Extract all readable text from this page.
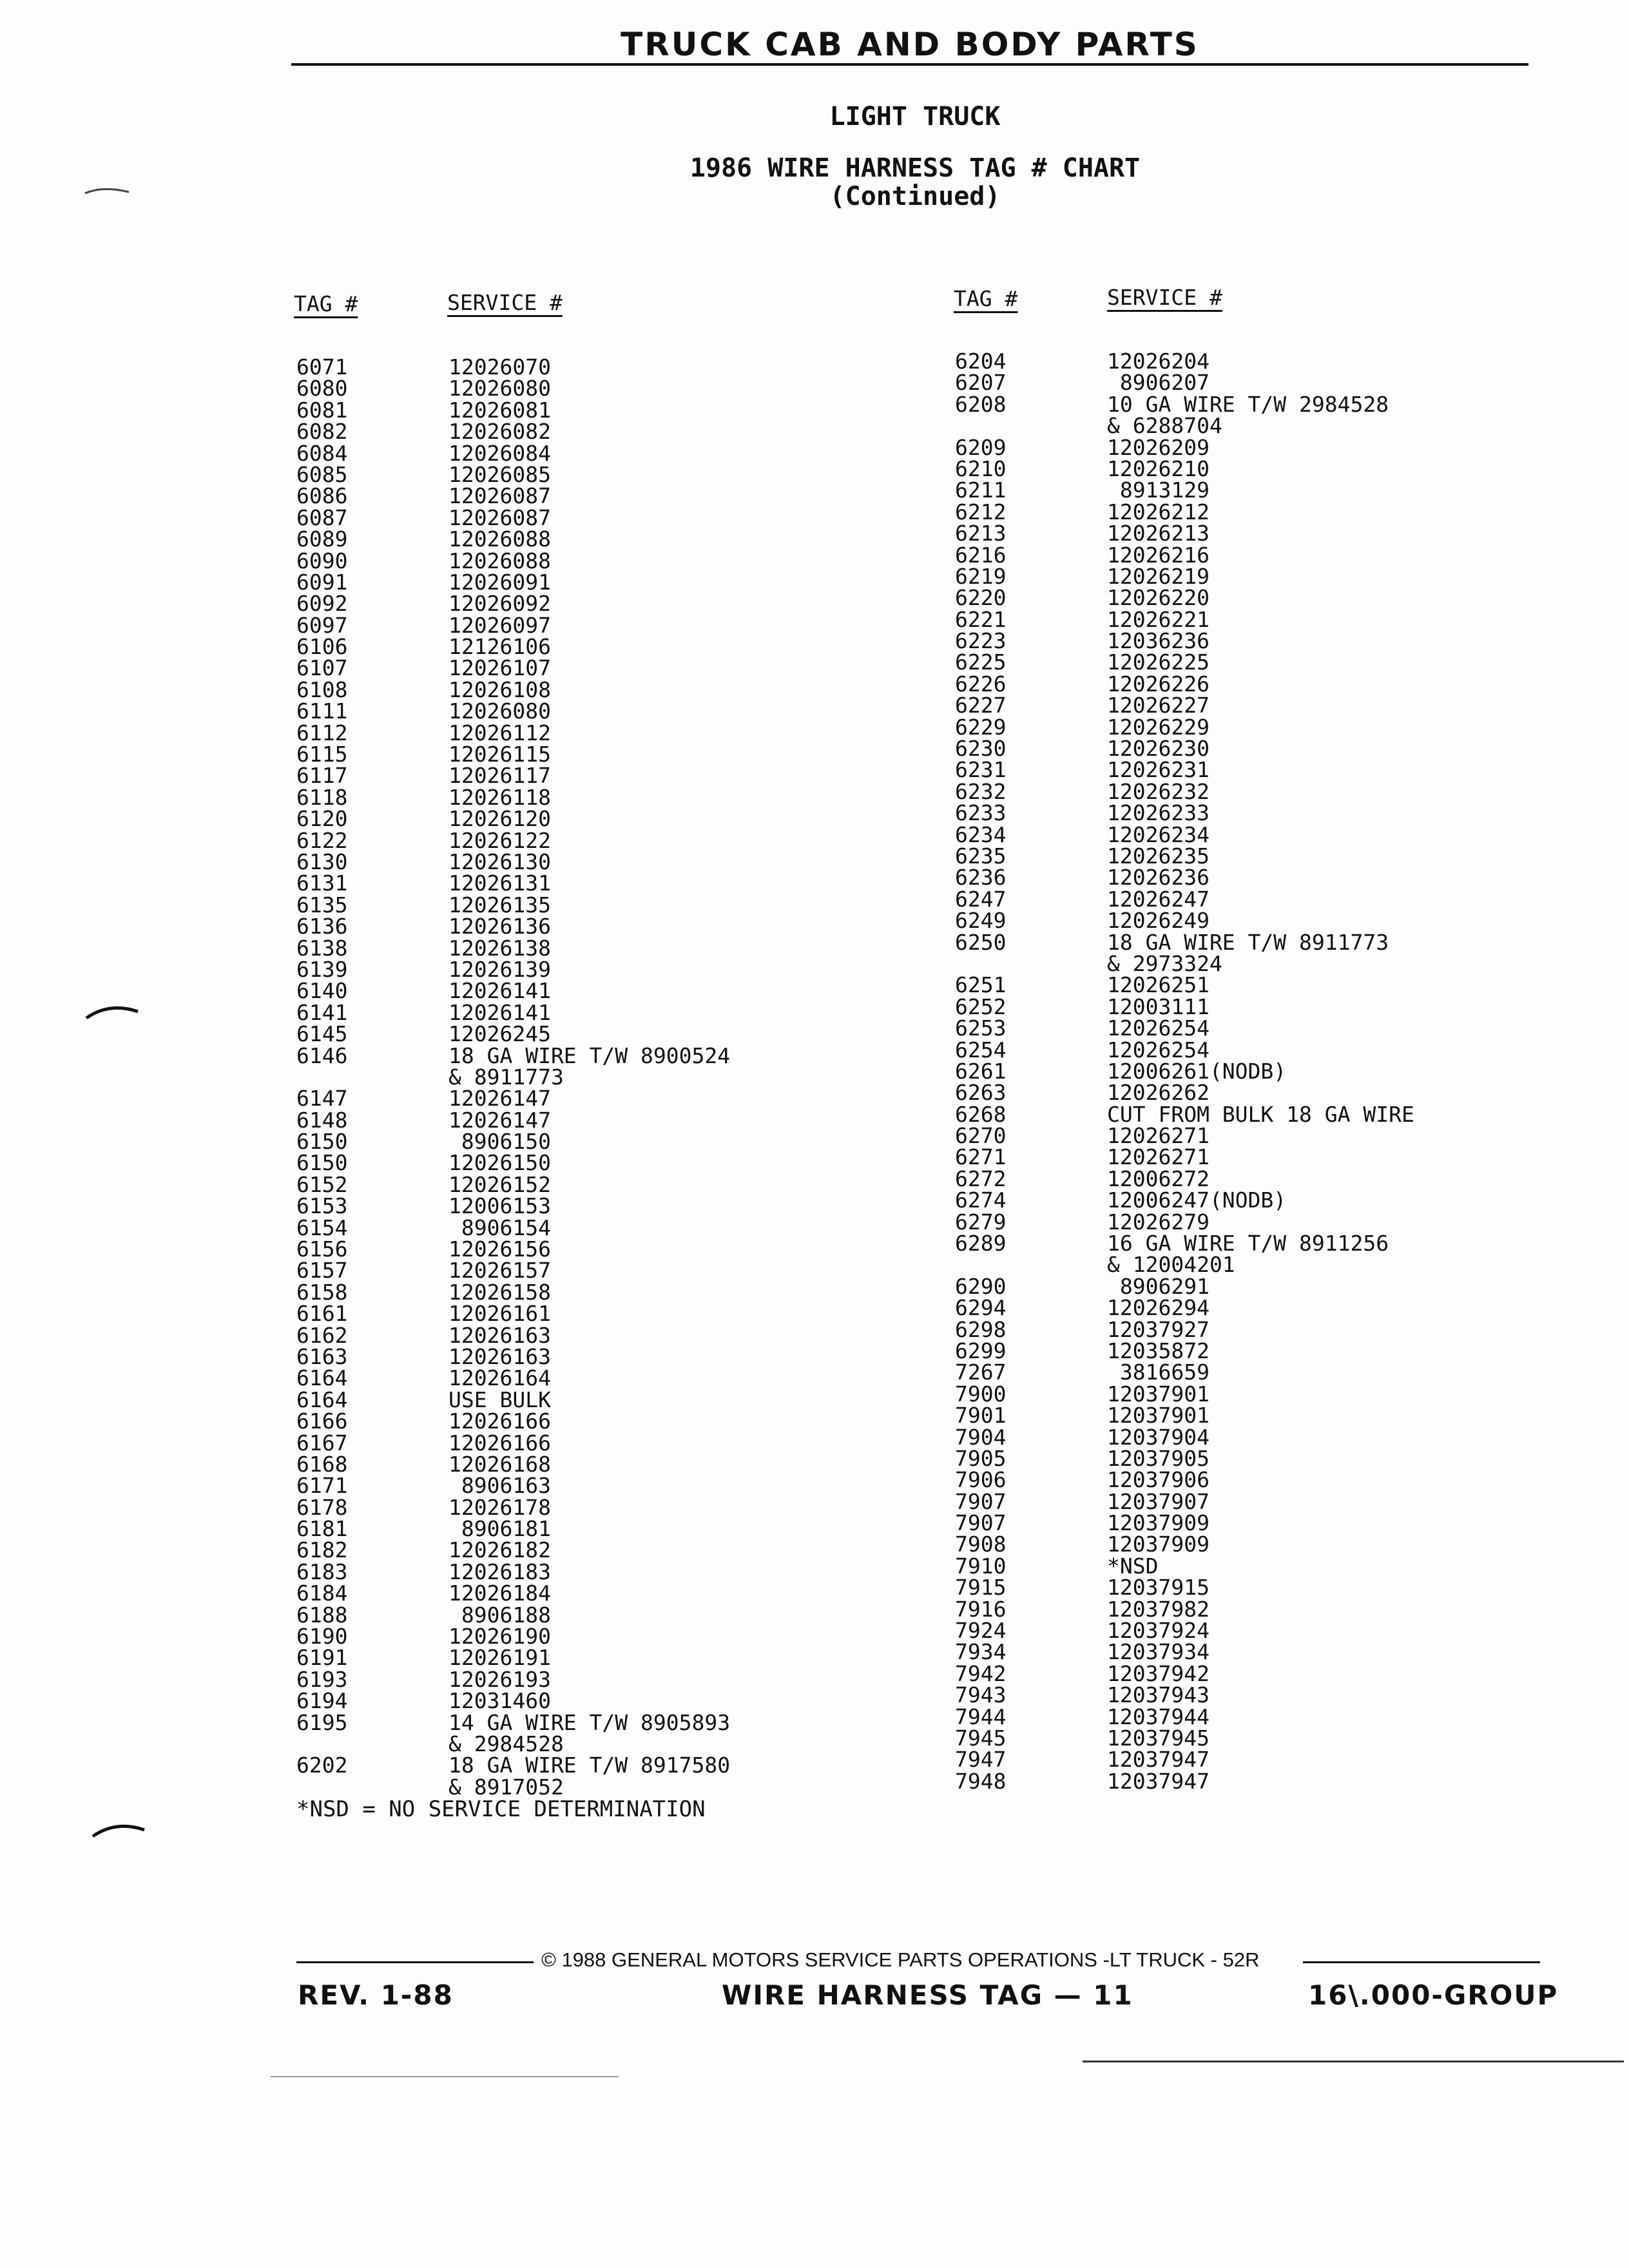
TRUCK CAB AND BODY PARTS
LIGHT TRUCK
1986 WIRE HARNESS TAG # CHART
(Continued)
TAG #	SERVICE #	TAG #	SERVICE #
6071	12026070
6080	12026080
6081	12026081
6082	12026082
6084	12026084
6085	12026085
6086	12026087
6087	12026087
6089	12026088
6090	12026088
6091	12026091
6092	12026092
6097	12026097
6106	12126106
6107	12026107
6108	12026108
6111	12026080
6112	12026112
6115	12026115
6117	12026117
6118	12026118
6120	12026120
6122	12026122
6130	12026130
6131	12026131
6135	12026135
6136	12026136
6138	12026138
6139	12026139
6140	12026141
6141	12026141
6145	12026245
6146	18 GA WIRE T/W 8900524
& 8911773
6147	12026147
6148	12026147
6150	8906150
6150	12026150
6152	12026152
6153	12006153
6154	8906154
6156	12026156
6157	12026157
6158	12026158
6161	12026161
6162	12026163
6163	12026163
6164	12026164
6164	USE BULK
6166	12026166
6167	12026166
6168	12026168
6171	8906163
6178	12026178
6181	8906181
6182	12026182
6183	12026183
6184	12026184
6188	8906188
6190	12026190
6191	12026191
6193	12026193
6194	12031460
6195	14 GA WIRE T/W 8905893
& 2984528
6202	18 GA WIRE T/W 8917580
& 8917052
6204	12026204
6207	8906207
6208	10 GA WIRE T/W 2984528
& 6288704
6209	12026209
6210	12026210
6211	8913129
6212	12026212
6213	12026213
6216	12026216
6219	12026219
6220	12026220
6221	12026221
6223	12036236
6225	12026225
6226	12026226
6227	12026227
6229	12026229
6230	12026230
6231	12026231
6232	12026232
6233	12026233
6234	12026234
6235	12026235
6236	12026236
6247	12026247
6249	12026249
6250	18 GA WIRE T/W 8911773
& 2973324
6251	12026251
6252	12003111
6253	12026254
6254	12026254
6261	12006261(NODB)
6263	12026262
6268	CUT FROM BULK 18 GA WIRE
6270	12026271
6271	12026271
6272	12006272
6274	12006247(NODB)
6279	12026279
6289	16 GA WIRE T/W 8911256
& 12004201
6290	8906291
6294	12026294
6298	12037927
6299	12035872
7267	3816659
7900	12037901
7901	12037901
7904	12037904
7905	12037905
7906	12037906
7907	12037907
7907	12037909
7908	12037909
7910	*NSD
7915	12037915
7916	12037982
7924	12037924
7934	12037934
7942	12037942
7943	12037943
7944	12037944
7945	12037945
7947	12037947
7948	12037947
*NSD = NO SERVICE DETERMINATION
© 1988 GENERAL MOTORS SERVICE PARTS OPERATIONS -LT TRUCK - 52R
REV. 1-88	WIRE HARNESS TAG — 11	16\.000-GROUP
